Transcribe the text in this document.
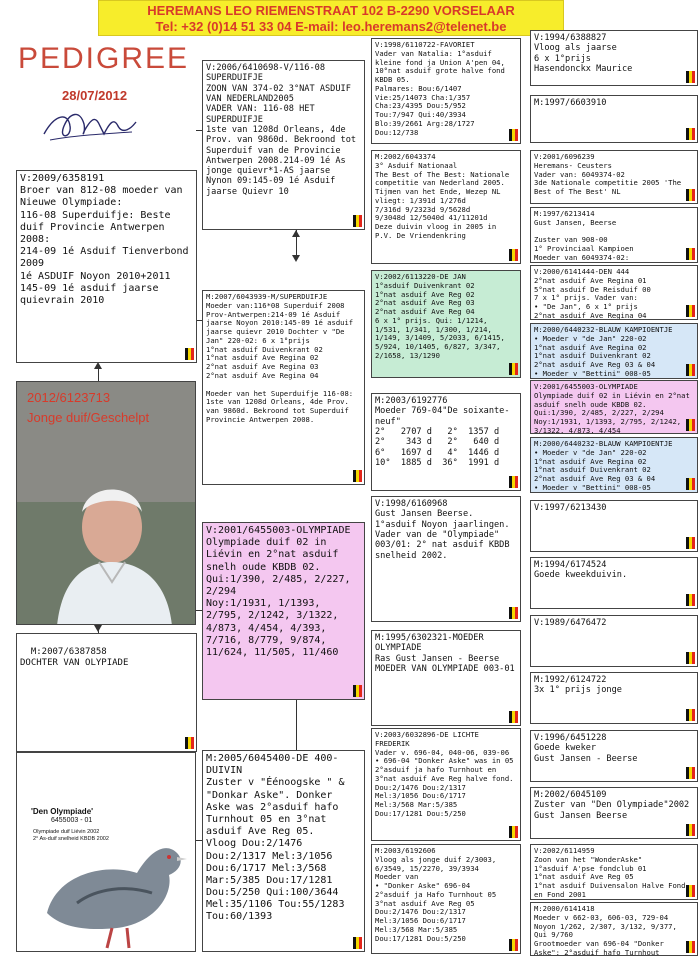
HEREMANS LEO RIEMENSTRAAT 102 B-2290 VORSELAAR
Tel: +32 (0)14 51 33 04 E-mail: leo.heremans2@telenet.be
PEDIGREE
28/07/2012
V:2009/6358191
Broer van 812-08 moeder van Nieuwe Olympiade:
116-08 Superduifje: Beste duif Provincie Antwerpen 2008:
214-09 1é Asduif Tienverbond 2009
1é ASDUIF Noyon 2010+2011
145-09 1é asduif jaarse quievrain 2010

M:2007/6387858
DOCHTER VAN OLYPIADE

2012/6123713
Jonge duif/Geschelpt
'Den Olympiade'
6455003 - 01
Olympiade duif Liévin 2002
2° As-duif snelheid KBDB 2002
V:2006/6410698-V/116-08 SUPERDUIFJE
ZOON VAN 374-02 3°NAT ASDUIF
VAN NEDERLAND2005
VADER VAN: 116-08 HET SUPERDUIFJE
1ste van 1208d Orleans, 4de Prov. van 9860d. Bekroond tot Superduif van de Provincie Antwerpen 2008.214-09 1é As jonge quievr*1-AS jaarse Nynon 09:145-09 1é Asduif jaarse Quievr 10
M:2007/6043939-M/SUPERDUIFJE
Moeder van:116*08 Superduif 2008 Prov-Antwerpen:214-09 1é Asduif jaarse Noyon 2010:145-09 1é asduif jaarse quievr 2010 Dochter v "De Jan" 220-02: 6 x 1°prijs
1°nat asduif Duivenkrant 02
1°nat asduif Ave Regina 02
2°nat asduif Ave Regina 03
2°nat asduif Ave Regina 04

Moeder van het Superduifje 116-08: 1ste van 1208d Orleans, 4de Prov. van 9860d. Bekroond tot Superduif Provincie Antwerpen 2008.
V:2001/6455003-OLYMPIADE
Olympiade duif 02 in Liévin en 2°nat asduif snelh oude KBDB 02.
Qui:1/390, 2/485, 2/227, 2/294
Noy:1/1931, 1/1393, 2/795, 2/1242, 3/1322, 4/873, 4/454, 4/393, 7/716, 8/779, 9/874, 11/624, 11/505, 11/460
M:2005/6045400-DE 400-DUIVIN
Zuster v "Éénoogske " & "Donkar Aske". Donker Aske was 2°asduif hafo Turnhout 05 en 3°nat asduif Ave Reg 05.
Vloog Dou:2/1476
Dou:2/1317 Mel:3/1056
Dou:6/1717 Mel:3/568
Mar:5/385 Dou:17/1281
Dou:5/250 Qui:100/3644
Mel:35/1106 Tou:55/1283
Tou:60/1393
V:1998/6110722-FAVORIET
Vader van Natalia: 1°asduif kleine fond ja Union A'pen 04, 10°nat asduif grote halve fond KBDB 05.
Palmares: Bou:6/1407
Vie:25/14073 Cha:1/357
Cha:23/4395 Dou:5/952
Tou:7/947 Qui:40/3934
Blo:39/2661 Arg:28/1727
Dou:12/738
M:2002/6043374
3° Asduif Nationaal
The Best of The Best: Nationale competitie van Nederland 2005.
Tijmen van het Ende, Wezep NL
vliegt: 1/391d 1/276d
7/316d 9/2323d 9/5628d
9/3048d 12/5040d 41/11201d
Deze duivin vloog in 2005 in P.V. De Vriendenkring
V:2002/6113220-DE JAN
1°asduif Duivenkrant 02
1°nat asduif Ave Reg 02
2°nat asduif Ave Reg 03
2°nat asduif Ave Reg 04
6 x 1° prijs. Qui: 1/1214, 1/531, 1/341, 1/300, 1/214, 1/149, 3/1409, 5/2033, 6/1415, 5/924, 10/1405, 6/827, 3/347, 2/1658, 13/1290
M:2003/6192776
Moeder 769-04"De soixante-neuf"
2°   2707 d   2°  1357 d
2°    343 d   2°   640 d
6°   1697 d   4°  1446 d
10°  1885 d  36°  1991 d
V:1998/6160968
Gust Jansen Beerse.
1°asduif Noyon jaarlingen. Vader van de "Olympiade" 003/01: 2° nat asduif KBDB snelheid 2002.
M:1995/6302321-MOEDER OLYMPIADE
Ras Gust Jansen - Beerse
MOEDER VAN OLYMPIADE 003-01
V:2003/6032896-DE LICHTE FREDERIK
Vader v. 696-04, 040-06, 039-06
• 696-04 "Donker Aske" was in 05 2°asduif ja hafo Turnhout en 3°nat asduif Ave Reg halve fond.
Dou:2/1476 Dou:2/1317
Mel:3/1056 Dou:6/1717
Mel:3/568 Mar:5/385
Dou:17/1281 Dou:5/250
M:2003/6192606
Vloog als jonge duif 2/3003, 6/3549, 15/2270, 39/3934
Moeder van
• "Donker Aske" 696-04
2°asduif ja Hafo Turnhout 05
3°nat asduif Ave Reg 05
Dou:2/1476 Dou:2/1317
Mel:3/1056 Dou:6/1717
Mel:3/568 Mar:5/385
Dou:17/1281 Dou:5/250
V:1994/6388827
Vloog als jaarse
6 x 1°prijs
Hasendonckx Maurice
M:1997/6603910
V:2001/6096239
Heremans- Ceusters
Vader van: 6049374-02
3de Nationale competitie 2005 'The Best of The Best' NL
M:1997/6213414
Gust Jansen, Beerse

Zuster van 908-00
1° Provinciaal Kampioen
Moeder van 6049374-02:
V:2000/6141444-DEN 444
2°nat asduif Ave Regina 01
5°nat asduif De Reisduif 00
7 x 1° prijs. Vader van:
• "De Jan", 6 x 1° prijs
2°nat asduif Ave Regina 04
M:2000/6440232-BLAUW KAMPIOENTJE
• Moeder v "de Jan" 220-02
1°nat asduif Ave Regina 02
1°nat asduif Duivenkrant 02
2°nat asduif Ave Reg 03 & 04
• Moeder v "Bettini" 008-05
V:2001/6455003-OLYMPIADE
Olympiade duif 02 in Liévin en 2°nat asduif snelh oude KBDB 02.
Qui:1/390, 2/485, 2/227, 2/294
Noy:1/1931, 1/1393, 2/795, 2/1242, 3/1322, 4/873, 4/454
M:2000/6440232-BLAUW KAMPIOENTJE
• Moeder v "de Jan" 220-02
1°nat asduif Ave Regina 02
1°nat asduif Duivenkrant 02
2°nat asduif Ave Reg 03 & 04
• Moeder v "Bettini" 008-05
V:1997/6213430
M:1994/6174524
Goede kweekduivin.
V:1989/6476472
M:1992/6124722
3x 1° prijs jonge
V:1996/6451228
Goede kweker
Gust Jansen - Beerse
M:2002/6045109
Zuster van "Den Olympiade"2002
Gust Jansen Beerse
V:2002/6114959
Zoon van het "WonderAske"
1°asduif A'pse fondclub 01
1°nat asduif Ave Reg 05
1°nat asduif Duivensalon Halve Fond en Fond 2001
M:2000/6141418
Moeder v 662-03, 606-03, 729-04
Noyon 1/262, 2/307, 3/132, 9/377, Qui 9/760
Grootmoeder van 696-04 "Donker Aske": 2°asduif hafo Turnhout
